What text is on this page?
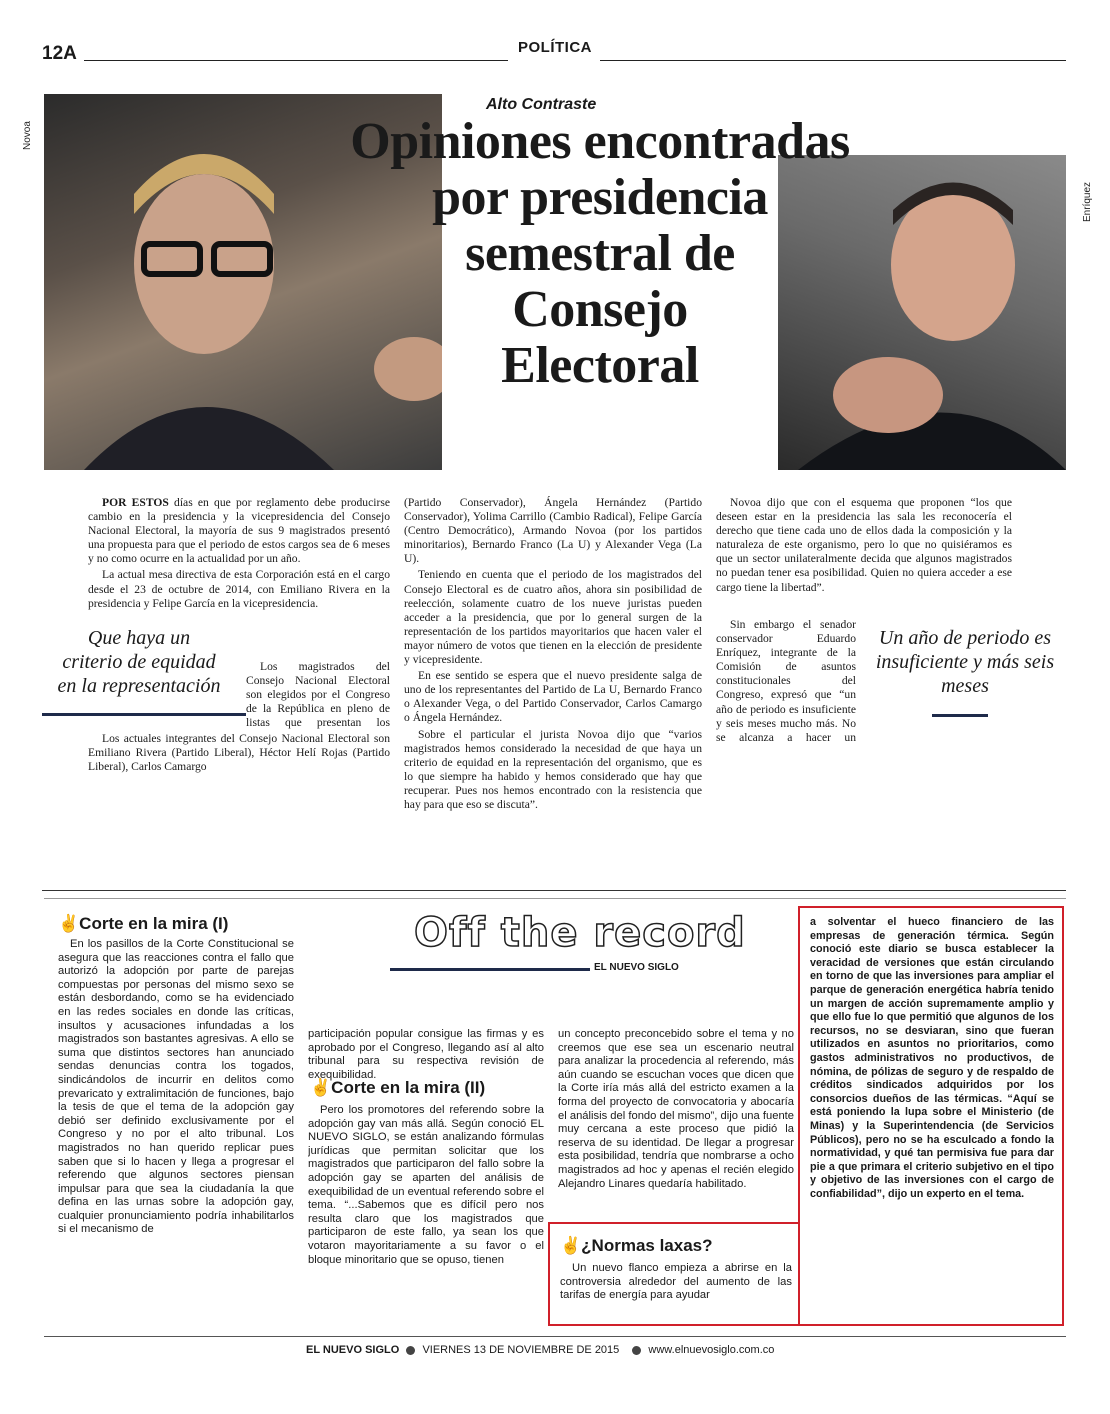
12A	POLÍTICA
Novoa
Enríquez
Alto Contraste
Opiniones encontradas
por presidencia
semestral de
Consejo
Electoral

POR ESTOS días en que por reglamento debe producirse cambio en la presidencia y la vicepresidencia del Consejo Nacional Electoral, la mayoría de sus 9 magistrados presentó una propuesta para que el periodo de estos cargos sea de 6 meses y no como ocurre en la actualidad por un año.

La actual mesa directiva de esta Corporación está en el cargo desde el 23 de octubre de 2014, con Emiliano Rivera en la presidencia y Felipe García en la vicepresidencia.

Que haya un
criterio de equidad
en la representación

Los magistrados del Consejo Nacional Electoral son elegidos por el Congreso de la República en pleno de listas que presentan los

Los actuales integrantes del Consejo Nacional Electoral son Emiliano Rivera (Partido Liberal), Héctor Helí Rojas (Partido Liberal), Carlos Camargo

(Partido Conservador), Ángela Hernández (Partido Conservador), Yolima Carrillo (Cambio Radical), Felipe García (Centro Democrático), Armando Novoa (por los partidos minoritarios), Bernardo Franco (La U) y Alexander Vega (La U).

Teniendo en cuenta que el periodo de los magistrados del Consejo Electoral es de cuatro años, ahora sin posibilidad de reelección, solamente cuatro de los nueve juristas pueden acceder a la presidencia, que por lo general surgen de la representación de los partidos mayoritarios que hacen valer el mayor número de votos que tienen en la elección de presidente y vicepresidente.

En ese sentido se espera que el nuevo presidente salga de uno de los representantes del Partido de La U, Bernardo Franco o Alexander Vega, o del Partido Conservador, Carlos Camargo o Ángela Hernández.

Sobre el particular el jurista Novoa dijo que “varios magistrados hemos considerado la necesidad de que haya un criterio de equidad en la representación del organismo, que es lo que siempre ha habido y hemos considerado que hay que recuperar. Pues nos hemos encontrado con la resistencia que hay para que eso se discuta”.

Novoa dijo que con el esquema que proponen “los que deseen estar en la presidencia las sala les reconocería el derecho que tiene cada uno de ellos dada la composición y la naturaleza de este organismo, pero lo que no quisiéramos es que un sector unilateralmente decida que algunos magistrados no puedan tener esa posibilidad. Quien no quiera acceder a ese cargo tiene la libertad”.

Sin embargo el senador conservador Eduardo Enríquez, integrante de la Comisión de asuntos constitucionales del Congreso, expresó que “un año de periodo es insuficiente y seis meses mucho más. No se alcanza a hacer un

Un año de periodo es
insuficiente y más seis
meses
✌Corte en la mira (I)

En los pasillos de la Corte Constitucional se asegura que las reacciones contra el fallo que autorizó la adopción por parte de parejas compuestas por personas del mismo sexo se están desbordando, como se ha evidenciado en las redes sociales en donde las críticas, insultos y acusaciones infundadas a los magistrados son bastantes agresivas. A ello se suma que distintos sectores han anunciado sendas denuncias contra los togados, sindicándolos de incurrir en delitos como prevaricato y extralimitación de funciones, bajo la tesis de que el tema de la adopción gay debió ser definido exclusivamente por el Congreso y no por el alto tribunal. Los magistrados no han querido replicar pues saben que si lo hacen y llega a progresar el referendo que algunos sectores piensan impulsar para que sea la ciudadanía la que defina en las urnas sobre la adopción gay, cualquier pronunciamiento podría inhabilitarlos si el mecanismo de

Off the record
EL NUEVO SIGLO

participación popular consigue las firmas y es aprobado por el Congreso, llegando así al alto tribunal para su respectiva revisión de exequibilidad.

✌Corte en la mira (II)

Pero los promotores del referendo sobre la adopción gay van más allá. Según conoció EL NUEVO SIGLO, se están analizando fórmulas jurídicas que permitan solicitar que los magistrados que participaron del fallo sobre la adopción gay se aparten del análisis de exequibilidad de un eventual referendo sobre el tema. “...Sabemos que es difícil pero nos resulta claro que los magistrados que participaron de este fallo, ya sean los que votaron mayoritariamente a su favor o el bloque minoritario que se opuso, tienen

un concepto preconcebido sobre el tema y no creemos que ese sea un escenario neutral para analizar la procedencia al referendo, más aún cuando se escuchan voces que dicen que la Corte iría más allá del estricto examen a la forma del proyecto de convocatoria y abocaría el análisis del fondo del mismo”, dijo una fuente muy cercana a este proceso que pidió la reserva de su identidad. De llegar a progresar esta posibilidad, tendría que nombrarse a ocho magistrados ad hoc y apenas el recién elegido Alejandro Linares quedaría habilitado.

✌¿Normas laxas?

Un nuevo flanco empieza a abrirse en la controversia alrededor del aumento de las tarifas de energía para ayudar

a solventar el hueco financiero de las empresas de generación térmica. Según conoció este diario se busca establecer la veracidad de versiones que están circulando en torno de que las inversiones para ampliar el parque de generación energética habría tenido un margen de acción supremamente amplio y que ello fue lo que permitió que algunos de los recursos, no se desviaran, sino que fueran utilizados en asuntos no prioritarios, como gastos administrativos no productivos, de nómina, de pólizas de seguro y de respaldo de créditos sindicados adquiridos por los consorcios dueños de las térmicas. “Aquí se está poniendo la lupa sobre el Ministerio (de Minas) y la Superintendencia (de Servicios Públicos), pero no se ha esculcado a fondo la normatividad, y qué tan permisiva fue para dar pie a que primara el criterio subjetivo en el tipo y objetivo de las inversiones con el cargo de confiabilidad”, dijo un experto en el tema.

EL NUEVO SIGLO VIERNES 13 DE NOVIEMBRE DE 2015	www.elnuevosiglo.com.co
